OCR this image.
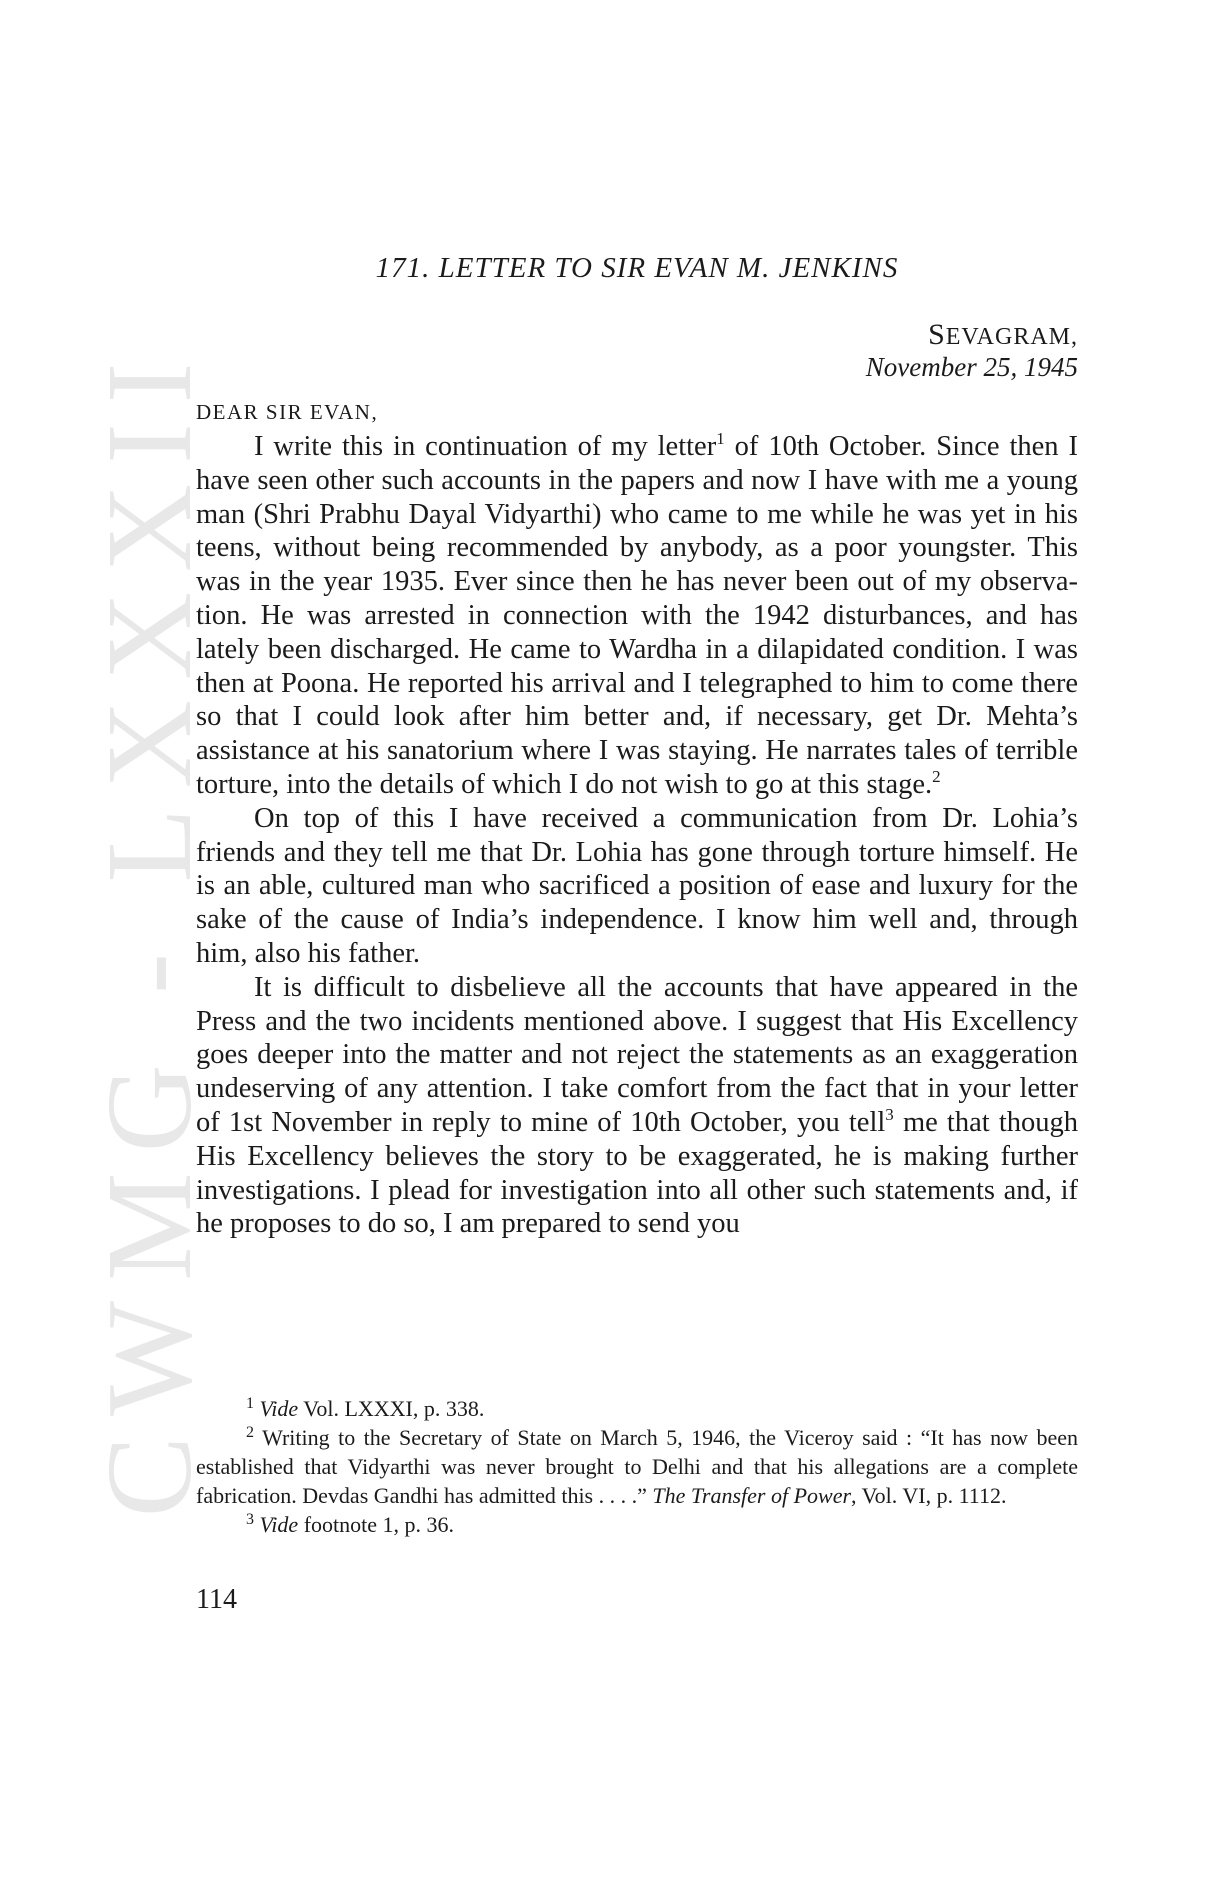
CWMG - LXXXII
171. LETTER TO SIR EVAN M. JENKINS
SEVAGRAM,
November 25, 1945
DEAR SIR EVAN,

I write this in continuation of my letter$^1$ of 10th October. Since then I have seen other such accounts in the papers and now I have with me a young man (Shri Prabhu Dayal Vidyarthi) who came to me while he was yet in his teens, without being recommended by anybody, as a poor youngster. This was in the year 1935. Ever since then he has never been out of my observation. He was arrested in connection with the 1942 disturbances, and has lately been discharged. He came to Wardha in a dilapidated condition. I was then at Poona. He reported his arrival and I telegraphed to him to come there so that I could look after him better and, if necessary, get Dr. Mehta’s assistance at his sanatorium where I was staying. He narrates tales of terrible torture, into the details of which I do not wish to go at this stage.$^2$

On top of this I have received a communication from Dr. Lohia’s friends and they tell me that Dr. Lohia has gone through torture himself. He is an able, cultured man who sacrificed a position of ease and luxury for the sake of the cause of India’s independence. I know him well and, through him, also his father.

It is difficult to disbelieve all the accounts that have appeared in the Press and the two incidents mentioned above. I suggest that His Excellency goes deeper into the matter and not reject the statements as an exaggeration undeserving of any attention. I take comfort from the fact that in your letter of 1st November in reply to mine of 10th October, you tell$^3$ me that though His Excellency believes the story to be exaggerated, he is making further investigations. I plead for investigation into all other such statements and, if he proposes to do so, I am prepared to send you

$^1$ Vide Vol. LXXXI, p. 338.

$^2$ Writing to the Secretary of State on March 5, 1946, the Viceroy said : “It has now been established that Vidyarthi was never brought to Delhi and that his allegations are a complete fabrication. Devdas Gandhi has admitted this . . . .” The Transfer of Power, Vol. VI, p. 1112.

$^3$ Vide footnote 1, p. 36.

114
